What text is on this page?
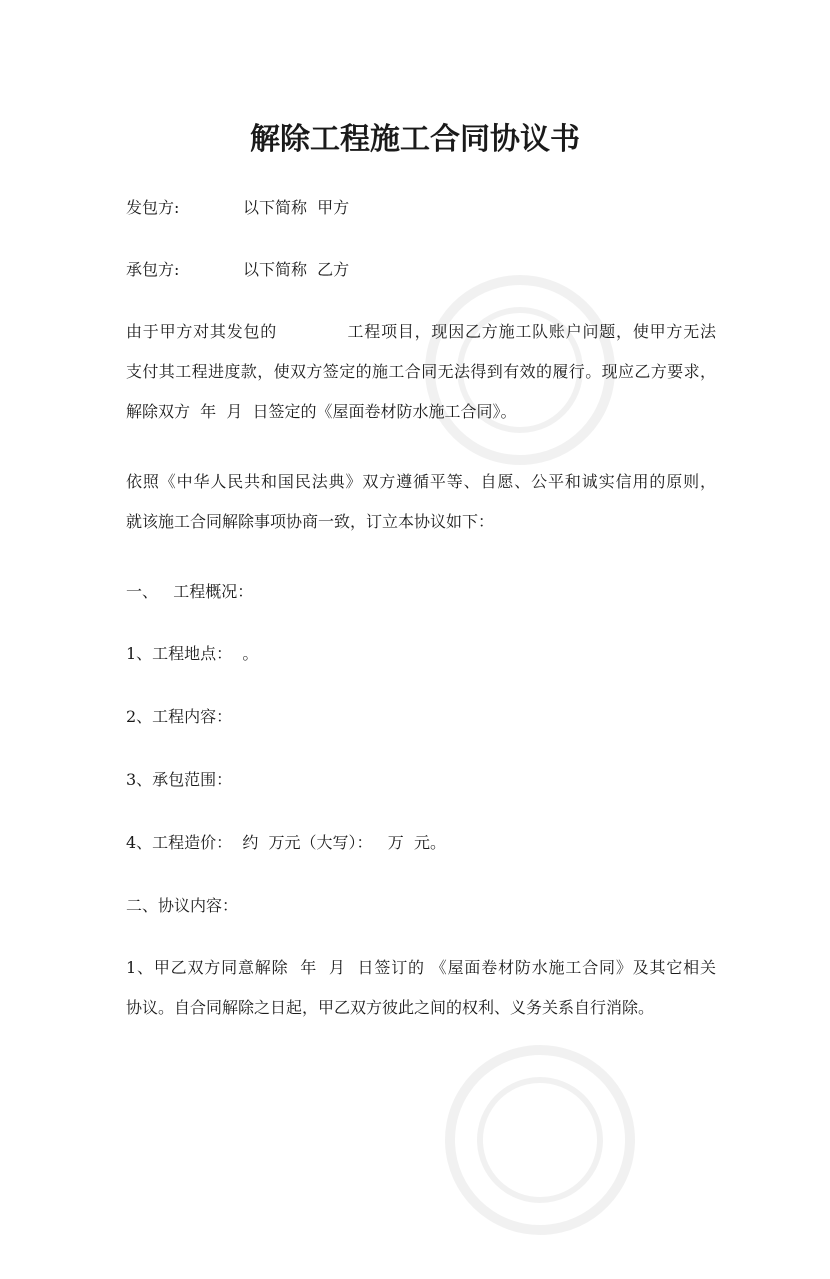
解除工程施工合同协议书
发包方:	以下简称  甲方
承包方:	以下简称  乙方
由于甲方对其发包的            工程项目，现因乙方施工队账户问题，使甲方无法
支付其工程进度款，使双方签定的施工合同无法得到有效的履行。现应乙方要求，
解除双方  年  月  日签定的《屋面卷材防水施工合同》。
依照《中华人民共和国民法典》双方遵循平等、自愿、公平和诚实信用的原则，
就该施工合同解除事项协商一致，订立本协议如下：
一、   工程概况：
1、工程地点：  。
2、工程内容：
3、承包范围：
4、工程造价：  约  万元（大写）：   万  元。
二、协议内容：
1、甲乙双方同意解除  年  月  日签订的 《屋面卷材防水施工合同》及其它相关
协议。自合同解除之日起，甲乙双方彼此之间的权利、义务关系自行消除。
